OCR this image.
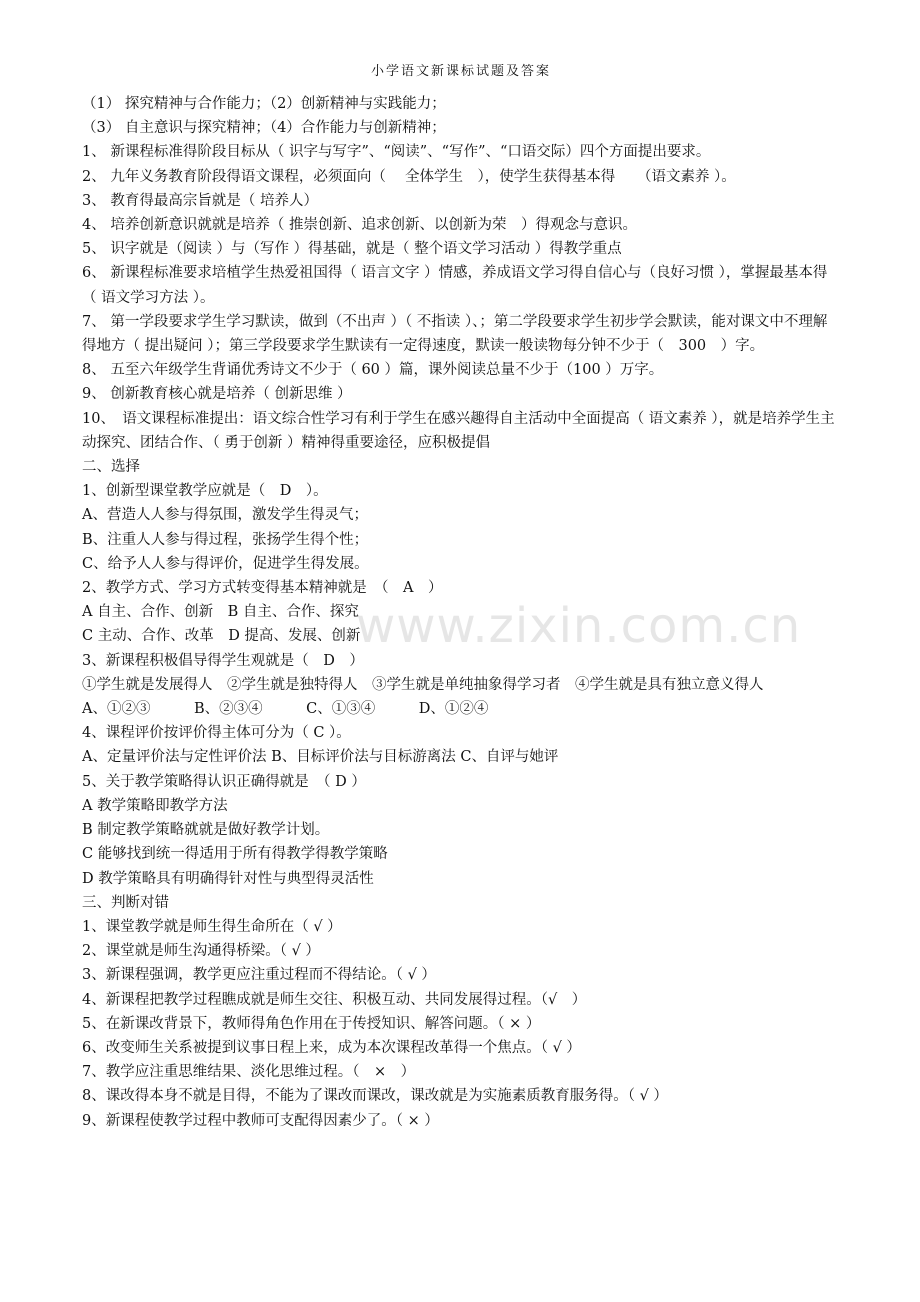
www.zixin.com.cn

小学语文新课标试题及答案

（1） 探究精神与合作能力；（2）创新精神与实践能力；

（3） 自主意识与探究精神；（4）合作能力与创新精神；

1、 新课程标准得阶段目标从（ 识字与写字”、“阅读”、“写作”、“口语交际）四个方面提出要求。

2、 九年义务教育阶段得语文课程，必须面向（　 全体学生　），使学生获得基本得　　（语文素养 ）。

3、 教育得最高宗旨就是（ 培养人）

4、 培养创新意识就就是培养（ 推崇创新、追求创新、以创新为荣　）得观念与意识。

5、 识字就是（阅读 ）与（写作 ）得基础，就是（ 整个语文学习活动 ）得教学重点

6、 新课程标准要求培植学生热爱祖国得（ 语言文字 ）情感，养成语文学习得自信心与（良好习惯 ），掌握最基本得（ 语文学习方法 ）。

7、 第一学段要求学生学习默读，做到（不出声 ）（ 不指读 ）、；第二学段要求学生初步学会默读，能对课文中不理解得地方（ 提出疑问 ）；第三学段要求学生默读有一定得速度，默读一般读物每分钟不少于（　300　）字。

8、 五至六年级学生背诵优秀诗文不少于（ 60 ）篇，课外阅读总量不少于（100 ）万字。

9、 创新教育核心就是培养（ 创新思维 ）

10、　语文课程标准提出：语文综合性学习有利于学生在感兴趣得自主活动中全面提高（ 语文素养 ），就是培养学生主动探究、团结合作、（ 勇于创新 ）精神得重要途径，应积极提倡

二、选择

1、创新型课堂教学应就是（　D　）。

A、营造人人参与得氛围，激发学生得灵气；

B、注重人人参与得过程，张扬学生得个性；

C、给予人人参与得评价，促进学生得发展。

2、教学方式、学习方式转变得基本精神就是　（　A　）

A 自主、合作、创新　B 自主、合作、探究

C 主动、合作、改革　D 提高、发展、创新

3、新课程积极倡导得学生观就是（　D　）

①学生就是发展得人　②学生就是独特得人　③学生就是单纯抽象得学习者　④学生就是具有独立意义得人

A、①②③　　　B、②③④　　　C、①③④　　　D、①②④

4、课程评价按评价得主体可分为（ C ）。

A、定量评价法与定性评价法 B、目标评价法与目标游离法 C、自评与她评

5、关于教学策略得认识正确得就是　（ D ）

A 教学策略即教学方法

B 制定教学策略就就是做好教学计划。

C 能够找到统一得适用于所有得教学得教学策略

D 教学策略具有明确得针对性与典型得灵活性

三、判断对错

1、课堂教学就是师生得生命所在（ √ ）

2、课堂就是师生沟通得桥梁。（ √ ）

3、新课程强调，教学更应注重过程而不得结论。（ √ ）

4、新课程把教学过程瞧成就是师生交往、积极互动、共同发展得过程。（√　）

5、在新课改背景下，教师得角色作用在于传授知识、解答问题。（ × ）

6、改变师生关系被提到议事日程上来，成为本次课程改革得一个焦点。（ √ ）

7、教学应注重思维结果、淡化思维过程。（　×　）

8、课改得本身不就是目得，不能为了课改而课改，课改就是为实施素质教育服务得。（ √ ）

9、新课程使教学过程中教师可支配得因素少了。（ × ）
